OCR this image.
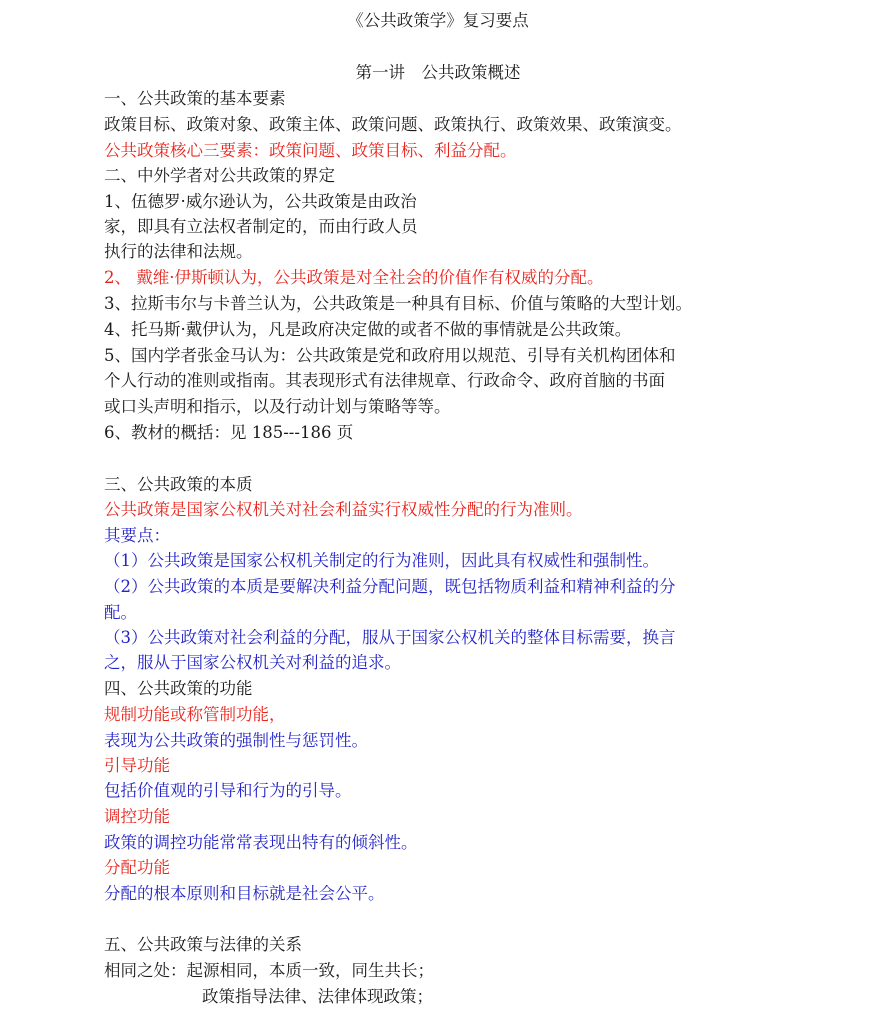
《公共政策学》复习要点
第一讲　公共政策概述
一、公共政策的基本要素
政策目标、政策对象、政策主体、政策问题、政策执行、政策效果、政策演变。
公共政策核心三要素：政策问题、政策目标、利益分配。
二、中外学者对公共政策的界定
1、伍德罗·威尔逊认为，公共政策是由政治
家，即具有立法权者制定的，而由行政人员
执行的法律和法规。
2、 戴维·伊斯顿认为，公共政策是对全社会的价值作有权威的分配。
3、拉斯韦尔与卡普兰认为，公共政策是一种具有目标、价值与策略的大型计划。
4、托马斯·戴伊认为，凡是政府决定做的或者不做的事情就是公共政策。
5、国内学者张金马认为：公共政策是党和政府用以规范、引导有关机构团体和
个人行动的准则或指南。其表现形式有法律规章、行政命令、政府首脑的书面
或口头声明和指示，以及行动计划与策略等等。
6、教材的概括：见 185---186 页
三、公共政策的本质
公共政策是国家公权机关对社会利益实行权威性分配的行为准则。
其要点：
（1）公共政策是国家公权机关制定的行为准则，因此具有权威性和强制性。
（2）公共政策的本质是要解决利益分配问题，既包括物质利益和精神利益的分
配。
（3）公共政策对社会利益的分配，服从于国家公权机关的整体目标需要，换言
之，服从于国家公权机关对利益的追求。
四、公共政策的功能
规制功能或称管制功能，
表现为公共政策的强制性与惩罚性。
引导功能
包括价值观的引导和行为的引导。
调控功能
政策的调控功能常常表现出特有的倾斜性。
分配功能
分配的根本原则和目标就是社会公平。
五、公共政策与法律的关系
相同之处：起源相同，本质一致，同生共长；
政策指导法律、法律体现政策；
